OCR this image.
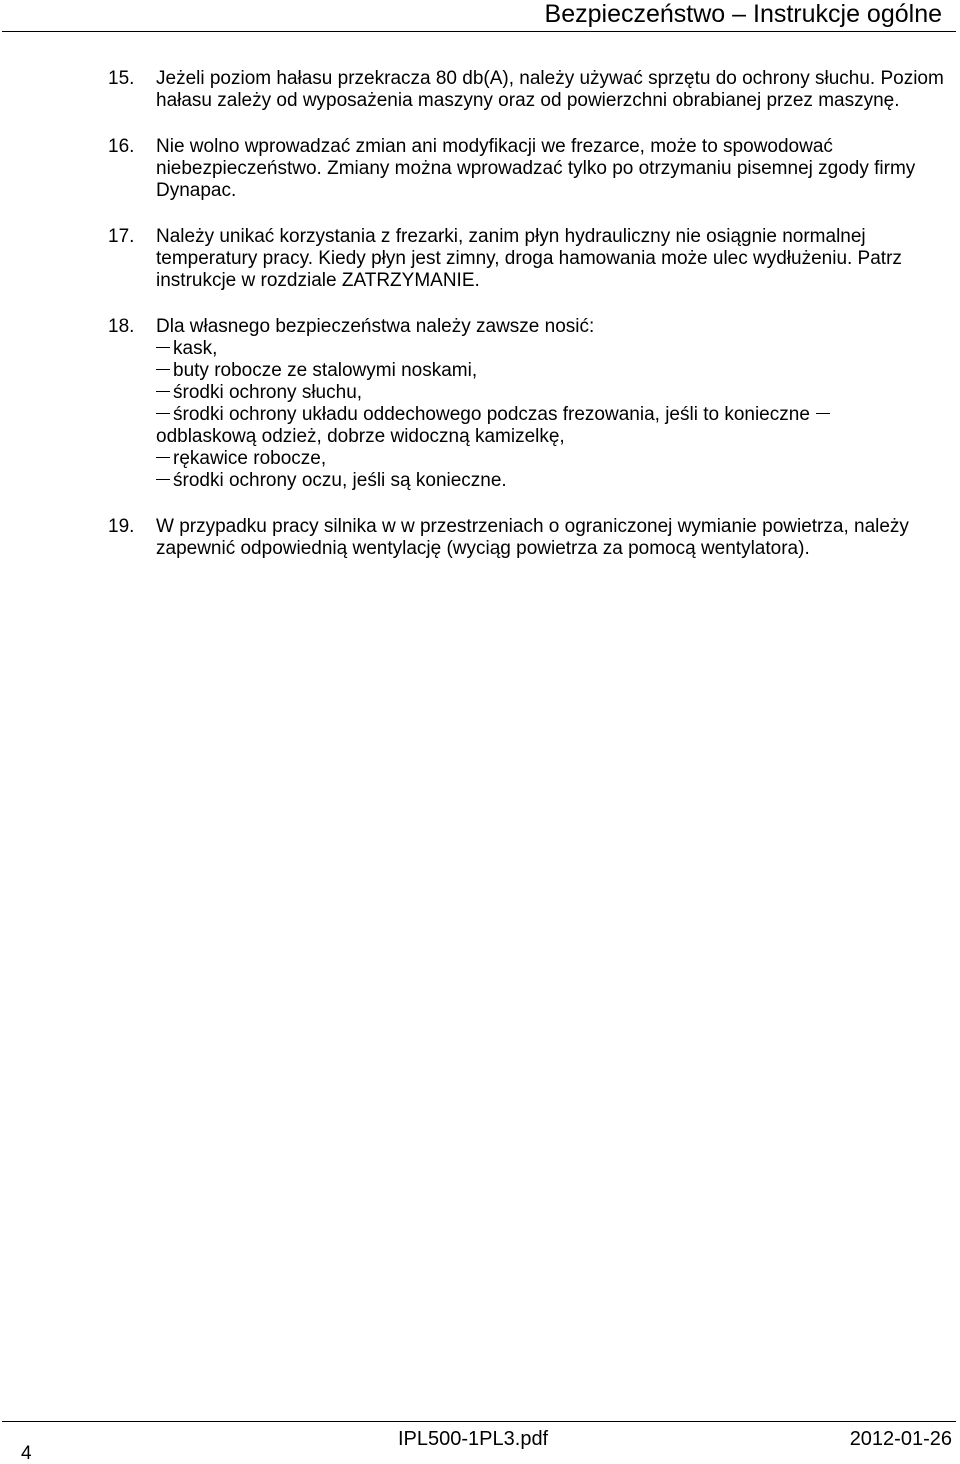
Bezpieczeństwo – Instrukcje ogólne
15.	Jeżeli poziom hałasu przekracza 80 db(A), należy używać sprzętu do ochrony słuchu. Poziom hałasu zależy od wyposażenia maszyny oraz od powierzchni obrabianej przez maszynę.
16.	Nie wolno wprowadzać zmian ani modyfikacji we frezarce, może to spowodować niebezpieczeństwo. Zmiany można wprowadzać tylko po otrzymaniu pisemnej zgody firmy Dynapac.
17.	Należy unikać korzystania z frezarki, zanim płyn hydrauliczny nie osiągnie normalnej temperatury pracy. Kiedy płyn jest zimny, droga hamowania może ulec wydłużeniu. Patrz instrukcje w rozdziale ZATRZYMANIE.
18.	Dla własnego bezpieczeństwa należy zawsze nosić:
kask,
buty robocze ze stalowymi noskami,
środki ochrony słuchu,
środki ochrony układu oddechowego podczas frezowania, jeśli to konieczne
odblaskową odzież, dobrze widoczną kamizelkę,
rękawice robocze,
środki ochrony oczu, jeśli są konieczne.
19.	W przypadku pracy silnika w w przestrzeniach o ograniczonej wymianie powietrza, należy zapewnić odpowiednią wentylację (wyciąg powietrza za pomocą wentylatora).
4
IPL500-1PL3.pdf	2012-01-26
